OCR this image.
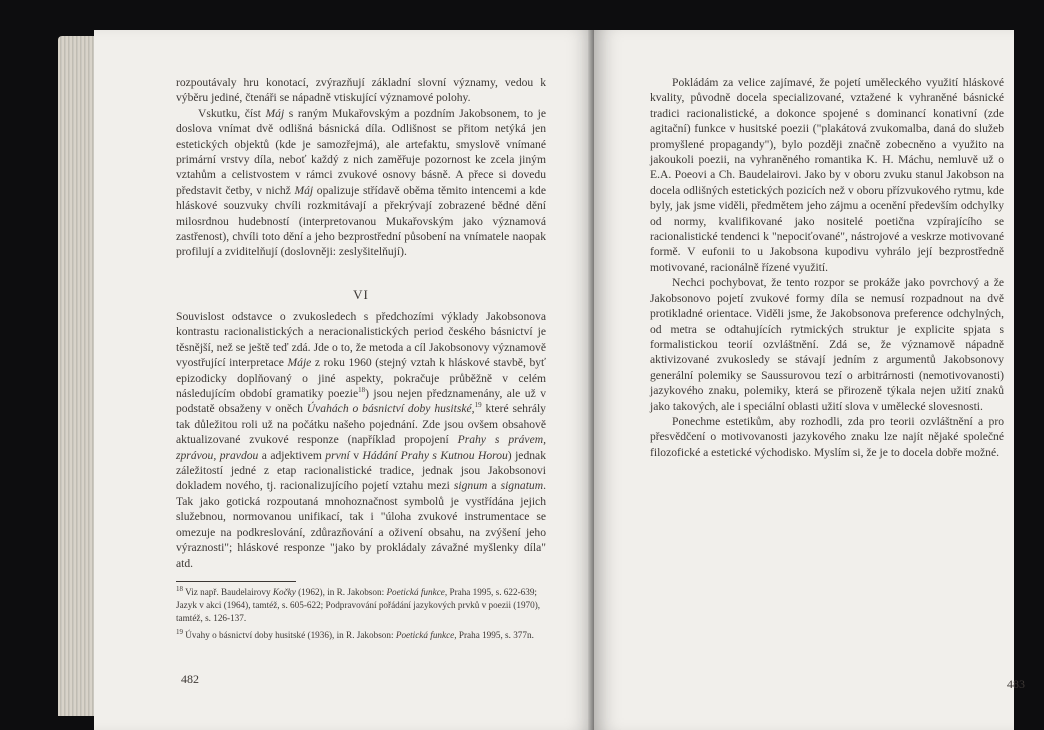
rozpoutávaly hru konotací, zvýrazňují základní slovní významy, vedou k výběru jediné, čtenáři se nápadně vtiskující významové polohy.

Vskutku, číst Máj s raným Mukařovským a pozdním Jakobsonem, to je doslova vnímat dvě odlišná básnická díla. Odlišnost se přitom netýká jen estetických objektů (kde je samozřejmá), ale artefaktu, smyslově vnímané primární vrstvy díla, neboť každý z nich zaměřuje pozornost ke zcela jiným vztahům a celistvostem v rámci zvukové osnovy básně. A přece si dovedu představit četby, v nichž Máj opalizuje střídavě oběma těmito intencemi a kde hláskové souzvuky chvíli rozkmitávají a překrývají zobrazené bědné dění milosrdnou hudebností (interpretovanou Mukařovským jako významová zastřenost), chvíli toto dění a jeho bezprostřední působení na vnímatele naopak profilují a zviditelňují (doslovněji: zeslyšitelňují).

VI

Souvislost odstavce o zvukosledech s předchozími výklady Jakobsonova kontrastu racionalistických a neracionalistických period českého básnictví je těsnější, než se ještě teď zdá. Jde o to, že metoda a cíl Jakobsonovy významově vyostřující interpretace Máje z roku 1960 (stejný vztah k hláskové stavbě, byť epizodicky doplňovaný o jiné aspekty, pokračuje průběžně v celém následujícím období gramatiky poezie$^{18}$) jsou nejen předznamenány, ale už v podstatě obsaženy v oněch Úvahách o básnictví doby husitské,$^{19}$ které sehrály tak důležitou roli už na počátku našeho pojednání. Zde jsou ovšem obsahově aktualizované zvukové responze (například propojení Prahy s právem, zprávou, pravdou a adjektivem první v Hádání Prahy s Kutnou Horou) jednak záležitostí jedné z etap racionalistické tradice, jednak jsou Jakobsonovi dokladem nového, tj. racionalizujícího pojetí vztahu mezi signum a signatum. Tak jako gotická rozpoutaná mnohoznačnost symbolů je vystřídána jejich služebnou, normovanou unifikací, tak i "úloha zvukové instrumentace se omezuje na podkreslování, zdůrazňování a oživení obsahu, na zvýšení jeho výraznosti"; hláskové responze "jako by prokládaly závažné myšlenky díla" atd.

$^{18}$ Viz např. Baudelairovy Kočky (1962), in R. Jakobson: Poetická funkce, Praha 1995, s. 622-639; Jazyk v akci (1964), tamtéž, s. 605-622; Podpravování pořádání jazykových prvků v poezii (1970), tamtéž, s. 126-137.

$^{19}$ Úvahy o básnictví doby husitské (1936), in R. Jakobson: Poetická funkce, Praha 1995, s. 377n.

482

Pokládám za velice zajímavé, že pojetí uměleckého využití hláskové kvality, původně docela specializované, vztažené k vyhraněné básnické tradici racionalistické, a dokonce spojené s dominancí konativní (zde agitační) funkce v husitské poezii ("plakátová zvukomalba, daná do služeb promyšlené propagandy"), bylo později značně zobecněno a využito na jakoukoli poezii, na vyhraněného romantika K. H. Máchu, nemluvě už o E.A. Poeovi a Ch. Baudelairovi. Jako by v oboru zvuku stanul Jakobson na docela odlišných estetických pozicích než v oboru přízvukového rytmu, kde byly, jak jsme viděli, předmětem jeho zájmu a ocenění především odchylky od normy, kvalifikované jako nositelé poetična vzpírajícího se racionalistické tendenci k "nepociťované", nástrojové a veskrze motivované formě. V eufonii to u Jakobsona kupodivu vyhrálo její bezprostředně motivované, racionálně řízené využití.

Nechci pochybovat, že tento rozpor se prokáže jako povrchový a že Jakobsonovo pojetí zvukové formy díla se nemusí rozpadnout na dvě protikladné orientace. Viděli jsme, že Jakobsonova preference odchylných, od metra se odtahujících rytmických struktur je explicite spjata s formalistickou teorií ozvláštnění. Zdá se, že významově nápadně aktivizované zvukosledy se stávají jedním z argumentů Jakobsonovy generální polemiky se Saussurovou tezí o arbitrárnosti (nemotivovanosti) jazykového znaku, polemiky, která se přirozeně týkala nejen užití znaků jako takových, ale i speciální oblasti užití slova v umělecké slovesnosti.

Ponechme estetikům, aby rozhodli, zda pro teorii ozvláštnění a pro přesvědčení o motivovanosti jazykového znaku lze najít nějaké společné filozofické a estetické východisko. Myslím si, že je to docela dobře možné.

483
